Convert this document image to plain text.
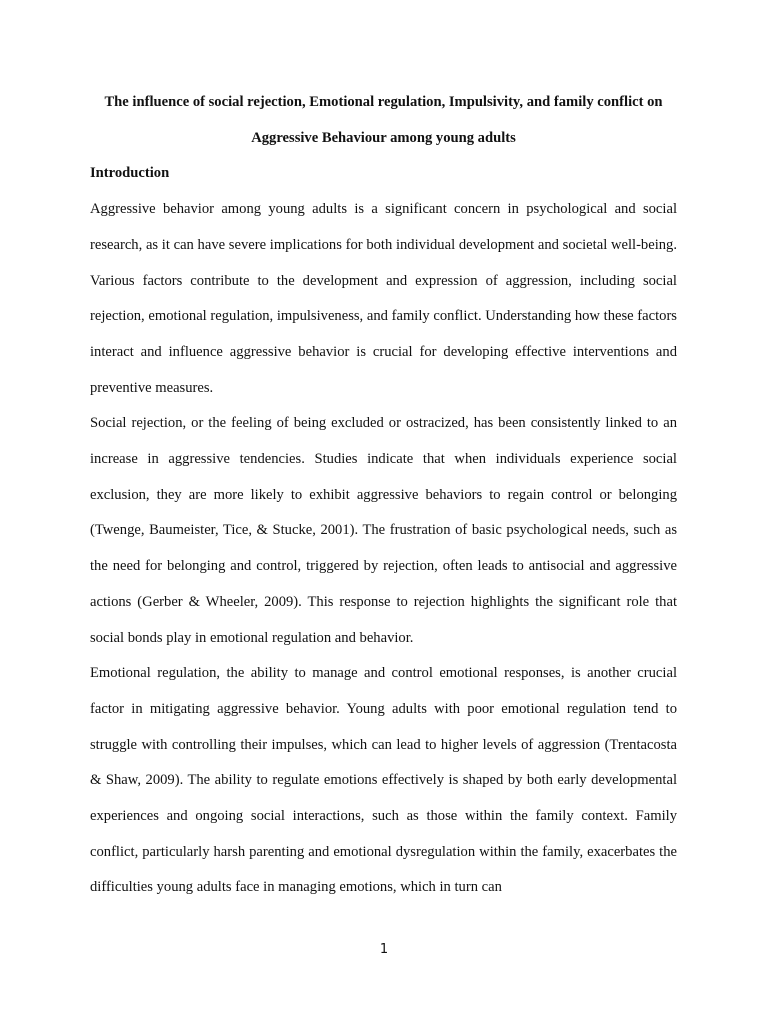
The influence of social rejection, Emotional regulation, Impulsivity, and family conflict on

Aggressive Behaviour among young adults

Introduction

Aggressive behavior among young adults is a significant concern in psychological and social research, as it can have severe implications for both individual development and societal well-being. Various factors contribute to the development and expression of aggression, including social rejection, emotional regulation, impulsiveness, and family conflict. Understanding how these factors interact and influence aggressive behavior is crucial for developing effective interventions and preventive measures.

Social rejection, or the feeling of being excluded or ostracized, has been consistently linked to an increase in aggressive tendencies. Studies indicate that when individuals experience social exclusion, they are more likely to exhibit aggressive behaviors to regain control or belonging (Twenge, Baumeister, Tice, & Stucke, 2001). The frustration of basic psychological needs, such as the need for belonging and control, triggered by rejection, often leads to antisocial and aggressive actions (Gerber & Wheeler, 2009). This response to rejection highlights the significant role that social bonds play in emotional regulation and behavior.

Emotional regulation, the ability to manage and control emotional responses, is another crucial factor in mitigating aggressive behavior. Young adults with poor emotional regulation tend to struggle with controlling their impulses, which can lead to higher levels of aggression (Trentacosta & Shaw, 2009). The ability to regulate emotions effectively is shaped by both early developmental experiences and ongoing social interactions, such as those within the family context. Family conflict, particularly harsh parenting and emotional dysregulation within the family, exacerbates the difficulties young adults face in managing emotions, which in turn can

1
